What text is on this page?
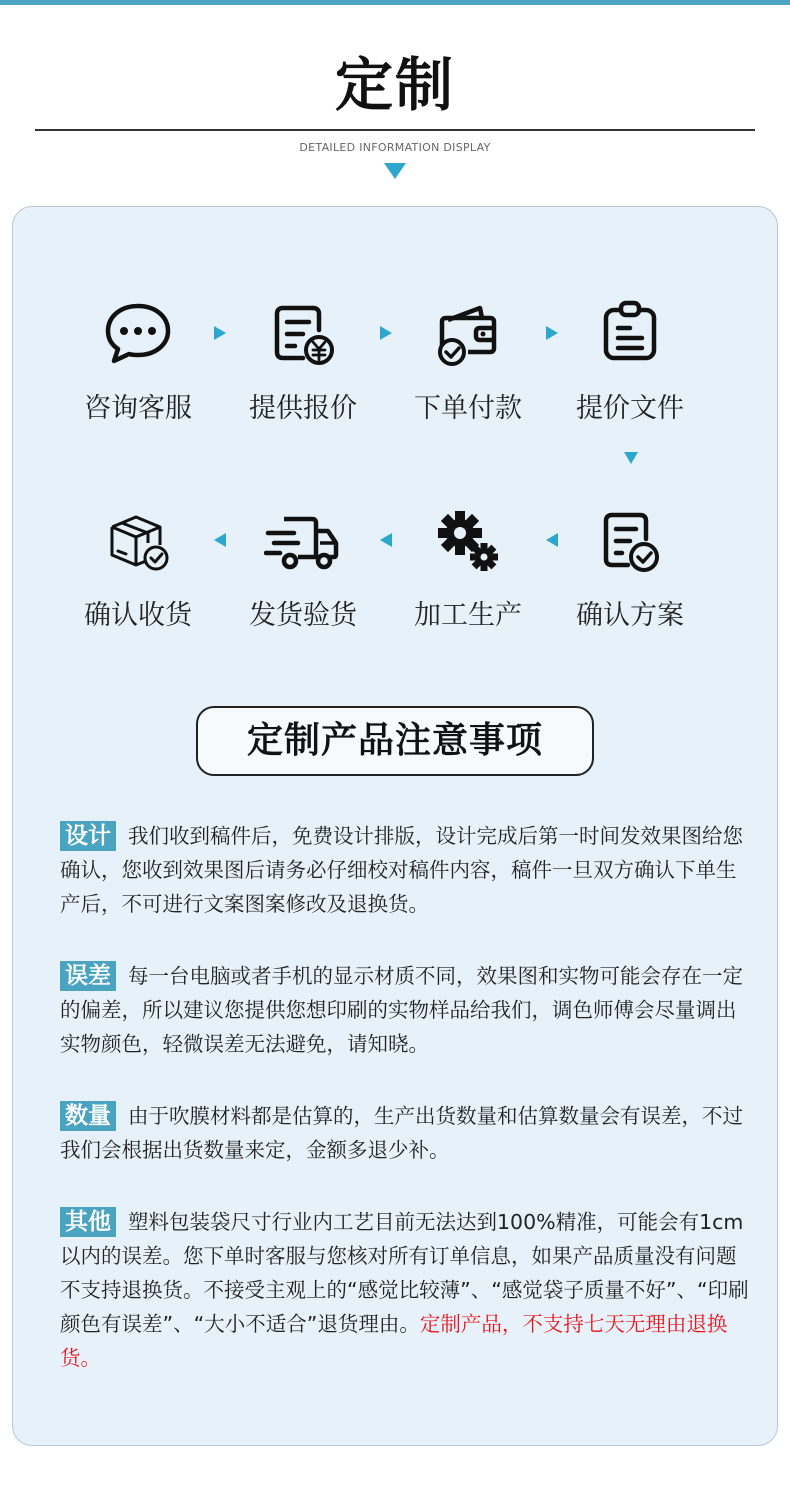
定制
DETAILED INFORMATION DISPLAY
咨询客服	提供报价	下单付款	提价文件
确认收货	发货验货	加工生产	确认方案
定制产品注意事项
设计 我们收到稿件后，免费设计排版，设计完成后第一时间发效果图给您确认，您收到效果图后请务必仔细校对稿件内容，稿件一旦双方确认下单生产后，不可进行文案图案修改及退换货。
误差 每一台电脑或者手机的显示材质不同，效果图和实物可能会存在一定的偏差，所以建议您提供您想印刷的实物样品给我们，调色师傅会尽量调出实物颜色，轻微误差无法避免，请知晓。
数量 由于吹膜材料都是估算的，生产出货数量和估算数量会有误差，不过我们会根据出货数量来定，金额多退少补。
其他 塑料包装袋尺寸行业内工艺目前无法达到100%精准，可能会有1cm以内的误差。您下单时客服与您核对所有订单信息，如果产品质量没有问题不支持退换货。不接受主观上的“感觉比较薄”、“感觉袋子质量不好”、“印刷颜色有误差”、“大小不适合”退货理由。定制产品，不支持七天无理由退换货。
